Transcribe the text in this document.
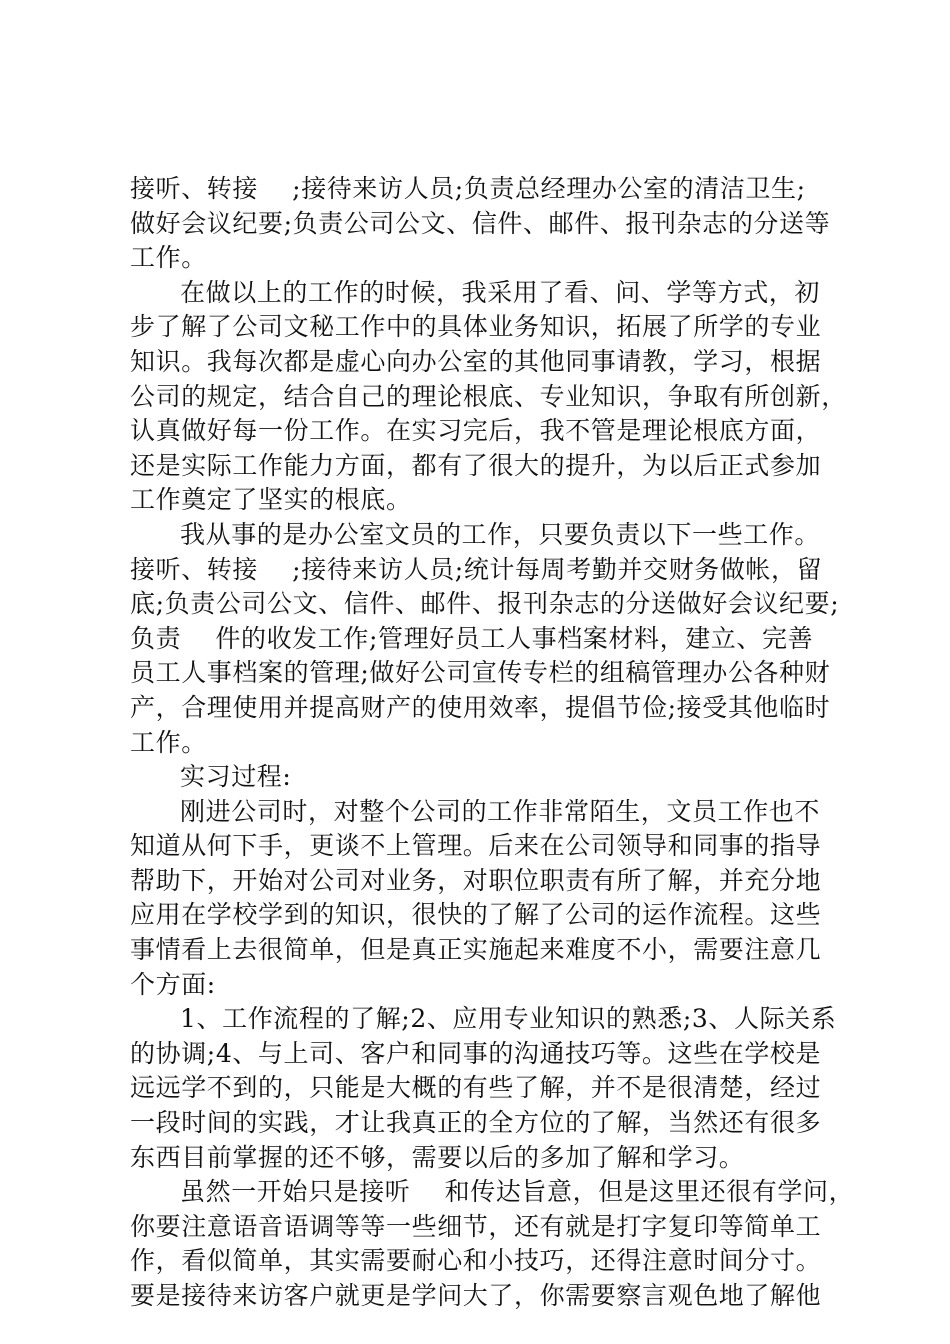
接听、转接    ;接待来访人员;负责总经理办公室的清洁卫生;
做好会议纪要;负责公司公文、信件、邮件、报刊杂志的分送等
工作。
在做以上的工作的时候，我采用了看、问、学等方式，初
步了解了公司文秘工作中的具体业务知识，拓展了所学的专业
知识。我每次都是虚心向办公室的其他同事请教，学习，根据
公司的规定，结合自己的理论根底、专业知识，争取有所创新，
认真做好每一份工作。在实习完后，我不管是理论根底方面，
还是实际工作能力方面，都有了很大的提升，为以后正式参加
工作奠定了坚实的根底。
我从事的是办公室文员的工作，只要负责以下一些工作。
接听、转接    ;接待来访人员;统计每周考勤并交财务做帐，留
底;负责公司公文、信件、邮件、报刊杂志的分送做好会议纪要;
负责    件的收发工作;管理好员工人事档案材料，建立、完善
员工人事档案的管理;做好公司宣传专栏的组稿管理办公各种财
产，合理使用并提高财产的使用效率，提倡节俭;接受其他临时
工作。
实习过程:
刚进公司时，对整个公司的工作非常陌生，文员工作也不
知道从何下手，更谈不上管理。后来在公司领导和同事的指导
帮助下，开始对公司对业务，对职位职责有所了解，并充分地
应用在学校学到的知识，很快的了解了公司的运作流程。这些
事情看上去很简单，但是真正实施起来难度不小，需要注意几
个方面:
1、工作流程的了解;2、应用专业知识的熟悉;3、人际关系
的协调;4、与上司、客户和同事的沟通技巧等。这些在学校是
远远学不到的，只能是大概的有些了解，并不是很清楚，经过
一段时间的实践，才让我真正的全方位的了解，当然还有很多
东西目前掌握的还不够，需要以后的多加了解和学习。
虽然一开始只是接听    和传达旨意，但是这里还很有学问，
你要注意语音语调等等一些细节，还有就是打字复印等简单工
作，看似简单，其实需要耐心和小技巧，还得注意时间分寸。
要是接待来访客户就更是学问大了，你需要察言观色地了解他
